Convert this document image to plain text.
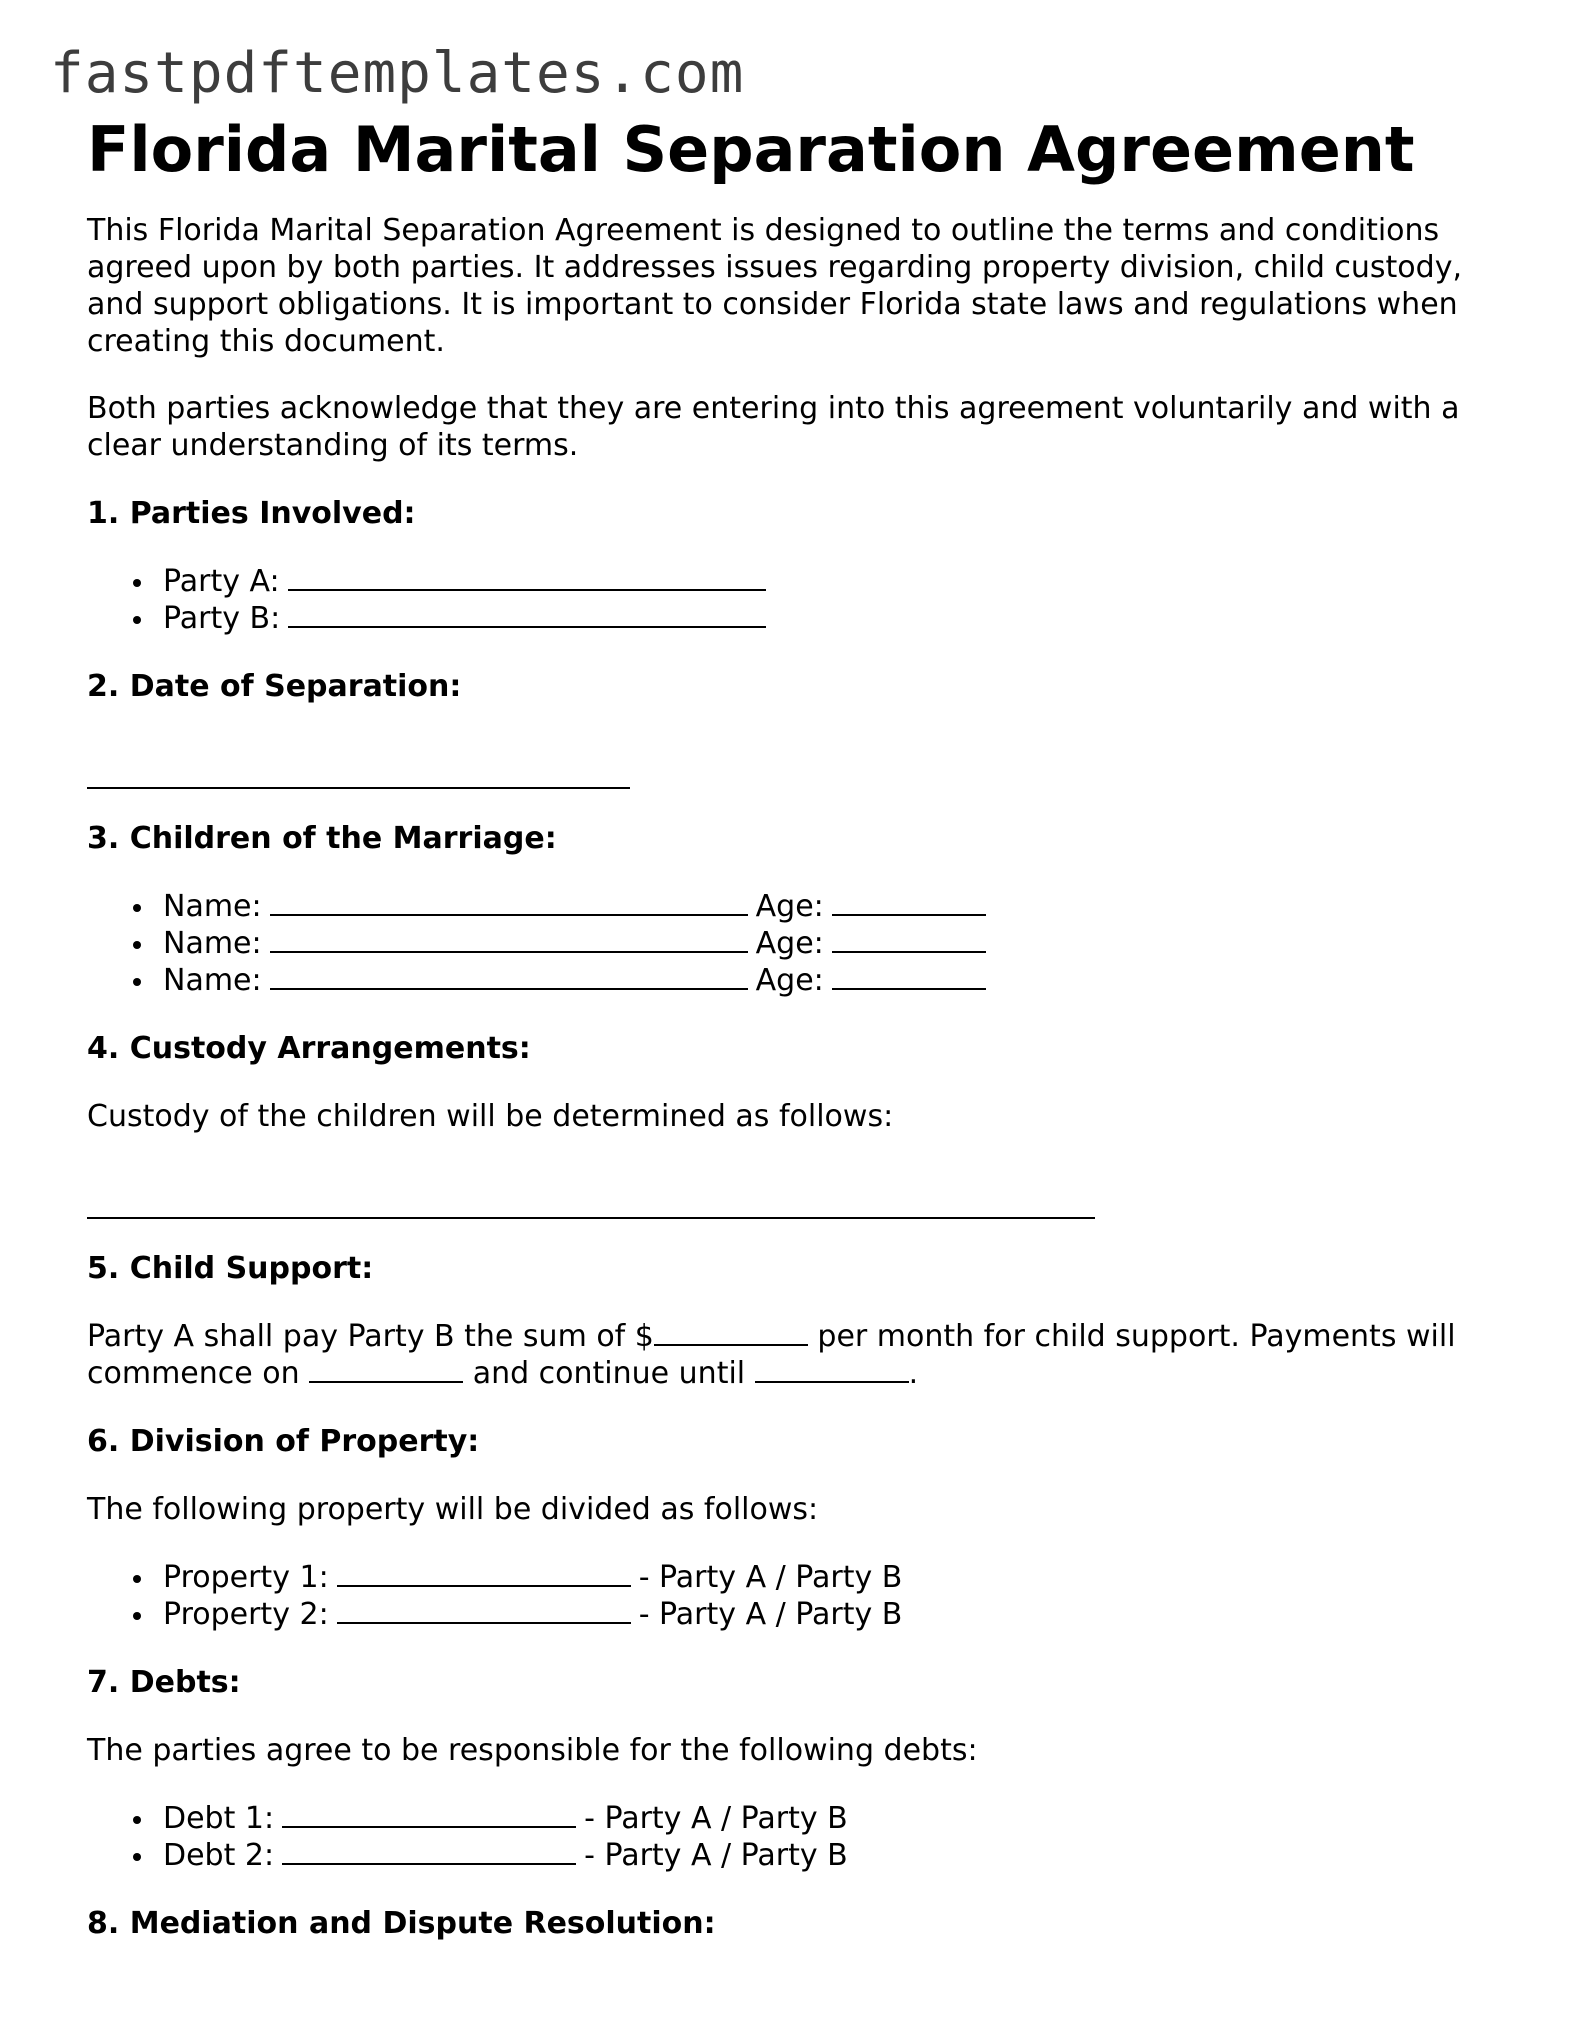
fastpdftemplates.com
Florida Marital Separation Agreement

This Florida Marital Separation Agreement is designed to outline the terms and conditions agreed upon by both parties. It addresses issues regarding property division, child custody, and support obligations. It is important to consider Florida state laws and regulations when creating this document.

Both parties acknowledge that they are entering into this agreement voluntarily and with a clear understanding of its terms.

1. Parties Involved:
Party A:
Party B:
2. Date of Separation:
3. Children of the Marriage:
Name:	Age:
Name:	Age:
Name:	Age:
4. Custody Arrangements:

Custody of the children will be determined as follows:

5. Child Support:

Party A shall pay Party B the sum of $	per month for child support. Payments will commence on	and continue until	.

6. Division of Property:

The following property will be divided as follows:

Property 1:	- Party A / Party B
Property 2:	- Party A / Party B
7. Debts:

The parties agree to be responsible for the following debts:

Debt 1:	- Party A / Party B
Debt 2:	- Party A / Party B
8. Mediation and Dispute Resolution:
